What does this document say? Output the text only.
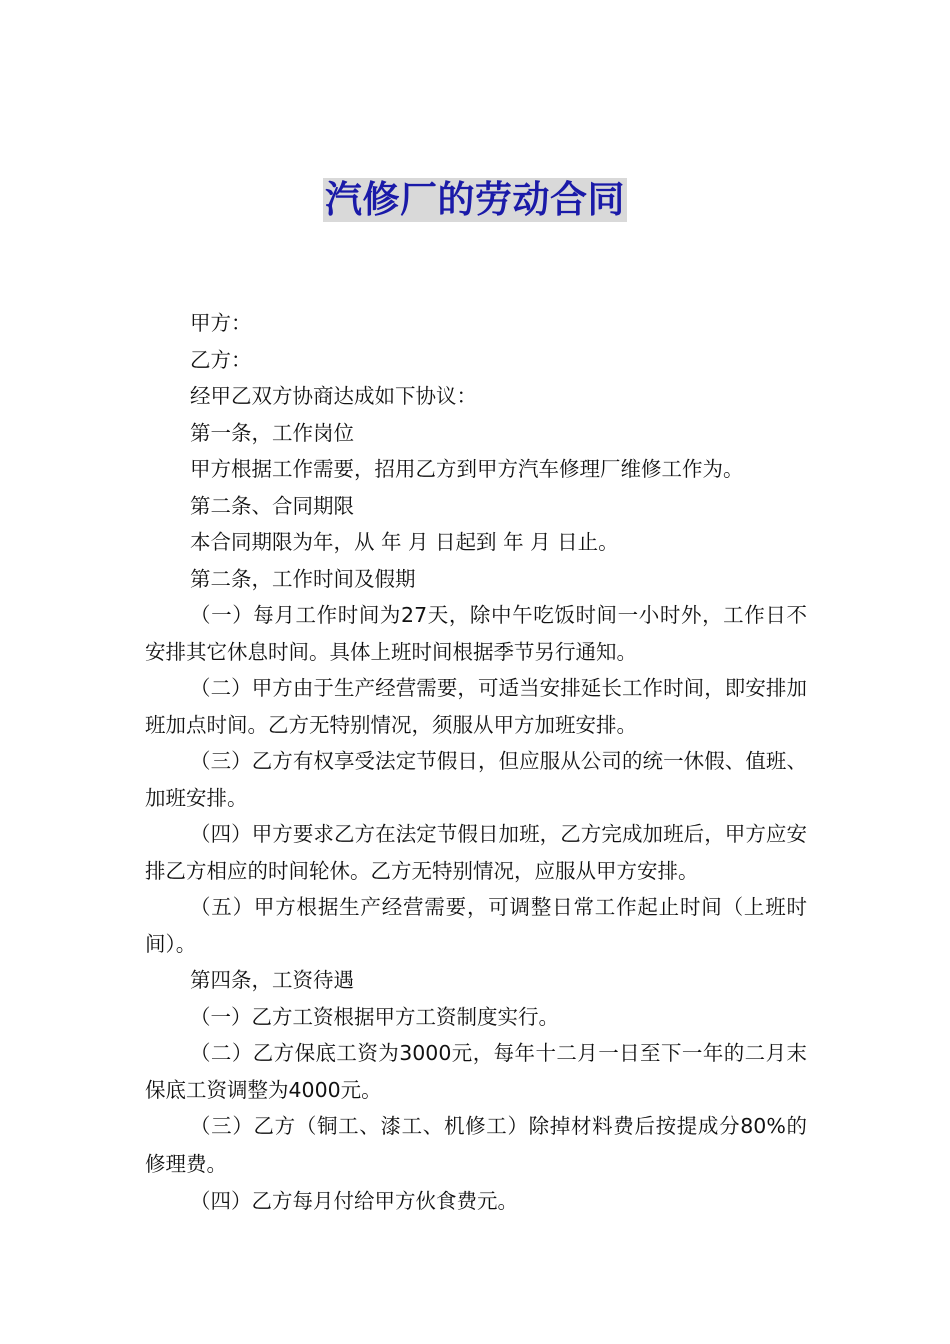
汽修厂的劳动合同

甲方：

乙方：

经甲乙双方协商达成如下协议：

第一条，工作岗位

甲方根据工作需要，招用乙方到甲方汽车修理厂维修工作为。

第二条、合同期限

本合同期限为年，从 年 月 日起到 年 月 日止。

第二条，工作时间及假期

（一）每月工作时间为27天，除中午吃饭时间一小时外，工作日不安排其它休息时间。具体上班时间根据季节另行通知。

（二）甲方由于生产经营需要，可适当安排延长工作时间，即安排加班加点时间。乙方无特别情况，须服从甲方加班安排。

（三）乙方有权享受法定节假日，但应服从公司的统一休假、值班、加班安排。

（四）甲方要求乙方在法定节假日加班，乙方完成加班后，甲方应安排乙方相应的时间轮休。乙方无特别情况，应服从甲方安排。

（五）甲方根据生产经营需要，可调整日常工作起止时间（上班时间）。

第四条，工资待遇

（一）乙方工资根据甲方工资制度实行。

（二）乙方保底工资为3000元，每年十二月一日至下一年的二月末保底工资调整为4000元。

（三）乙方（铜工、漆工、机修工）除掉材料费后按提成分80%的修理费。

（四）乙方每月付给甲方伙食费元。
